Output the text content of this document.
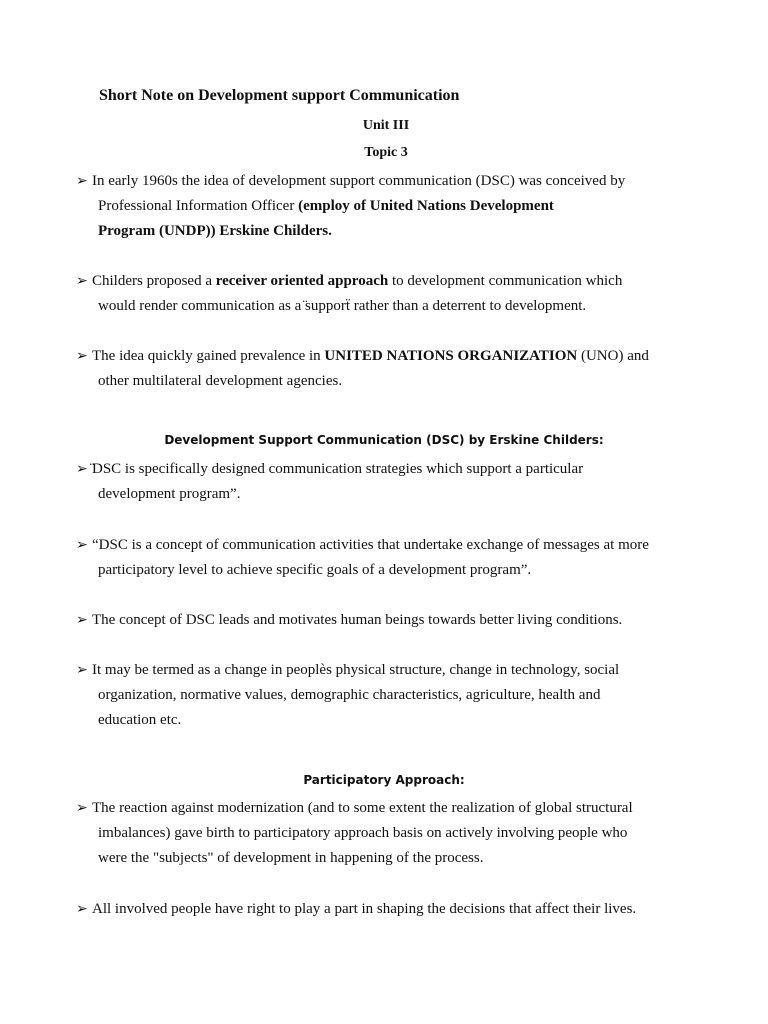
Short Note on Development support Communication
Unit III
Topic 3
➢ In early 1960s the idea of development support communication (DSC) was conceived by
Professional Information Officer (employ of United Nations Development
Program (UNDP)) Erskine Childers.
➢ Childers proposed a receiver oriented approach to development communication which
would render communication as a ̈supporẗ rather than a deterrent to development.
➢ The idea quickly gained prevalence in UNITED NATIONS ORGANIZATION (UNO) and
other multilateral development agencies.
Development Support Communication (DSC) by Erskine Childers:
➢ ̈DSC is specifically designed communication strategies which support a particular
development program”.
➢ “DSC is a concept of communication activities that undertake exchange of messages at more
participatory level to achieve specific goals of a development program”.
➢ The concept of DSC leads and motivates human beings towards better living conditions.
➢ It may be termed as a change in peoplès physical structure, change in technology, social
organization, normative values, demographic characteristics, agriculture, health and
education etc.
Participatory Approach:
➢ The reaction against modernization (and to some extent the realization of global structural
imbalances) gave birth to participatory approach basis on actively involving people who
were the "subjects" of development in happening of the process.
➢ All involved people have right to play a part in shaping the decisions that affect their lives.
